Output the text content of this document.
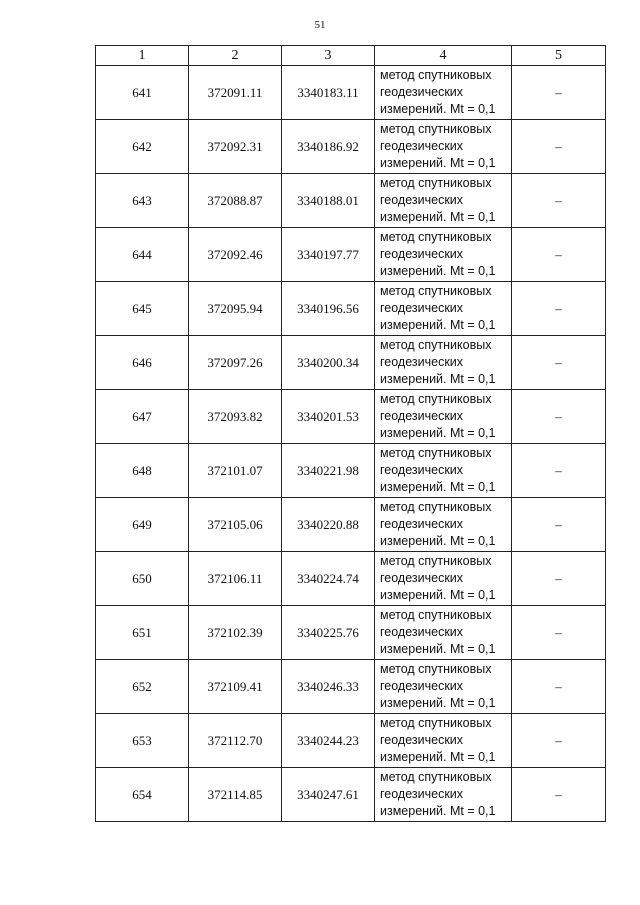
51
1	2	3	4	5
641	372091.11	3340183.11	метод спутниковых
геодезических
измерений. Mt = 0,1	–
642	372092.31	3340186.92	метод спутниковых
геодезических
измерений. Mt = 0,1	–
643	372088.87	3340188.01	метод спутниковых
геодезических
измерений. Mt = 0,1	–
644	372092.46	3340197.77	метод спутниковых
геодезических
измерений. Mt = 0,1	–
645	372095.94	3340196.56	метод спутниковых
геодезических
измерений. Mt = 0,1	–
646	372097.26	3340200.34	метод спутниковых
геодезических
измерений. Mt = 0,1	–
647	372093.82	3340201.53	метод спутниковых
геодезических
измерений. Mt = 0,1	–
648	372101.07	3340221.98	метод спутниковых
геодезических
измерений. Mt = 0,1	–
649	372105.06	3340220.88	метод спутниковых
геодезических
измерений. Mt = 0,1	–
650	372106.11	3340224.74	метод спутниковых
геодезических
измерений. Mt = 0,1	–
651	372102.39	3340225.76	метод спутниковых
геодезических
измерений. Mt = 0,1	–
652	372109.41	3340246.33	метод спутниковых
геодезических
измерений. Mt = 0,1	–
653	372112.70	3340244.23	метод спутниковых
геодезических
измерений. Mt = 0,1	–
654	372114.85	3340247.61	метод спутниковых
геодезических
измерений. Mt = 0,1	–
